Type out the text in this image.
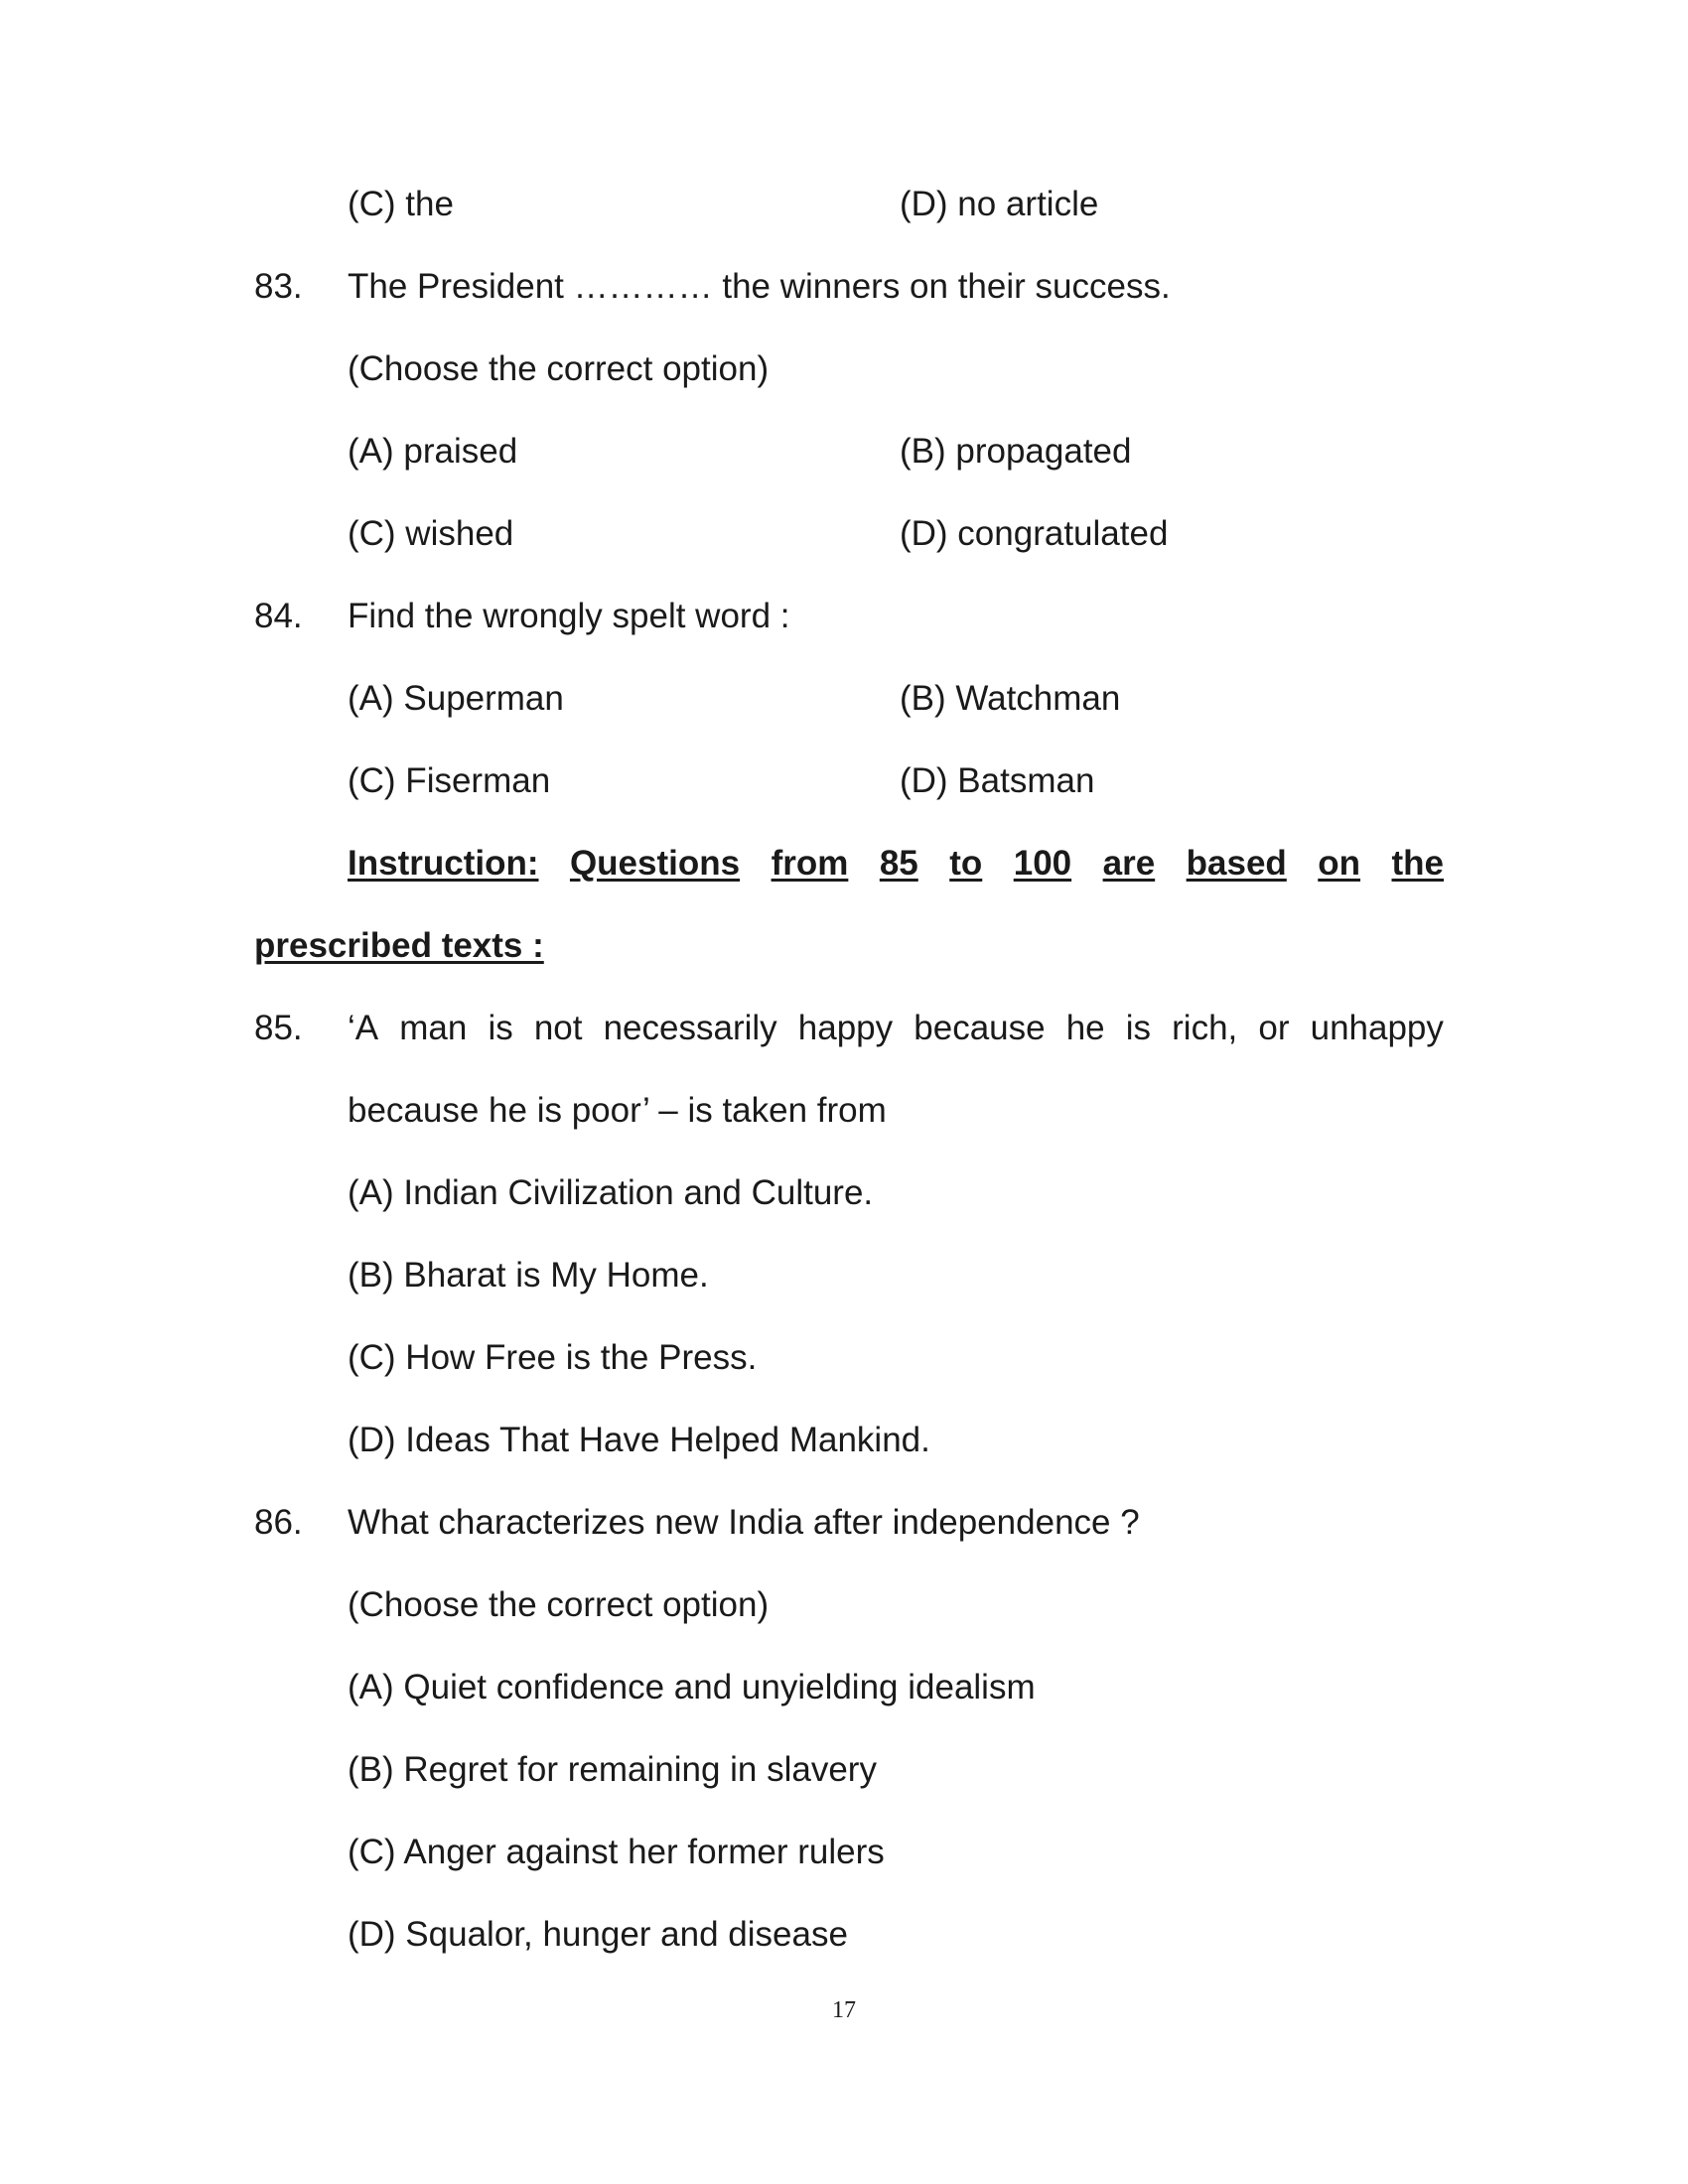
(C) the	(D) no article
83. The President ………… the winners on their success.
(Choose the correct option)
(A) praised	(B) propagated
(C) wished	(D) congratulated
84. Find the wrongly spelt word :
(A) Superman	(B) Watchman
(C) Fiserman	(D) Batsman
Instruction: Questions from 85 to 100 are based on the
prescribed texts :
85. ‘A man is not necessarily happy because he is rich, or unhappy
because he is poor’ – is taken from
(A) Indian Civilization and Culture.
(B) Bharat is My Home.
(C) How Free is the Press.
(D) Ideas That Have Helped Mankind.
86. What characterizes new India after independence ?
(Choose the correct option)
(A) Quiet confidence and unyielding idealism
(B) Regret for remaining in slavery
(C) Anger against her former rulers
(D) Squalor, hunger and disease
17
